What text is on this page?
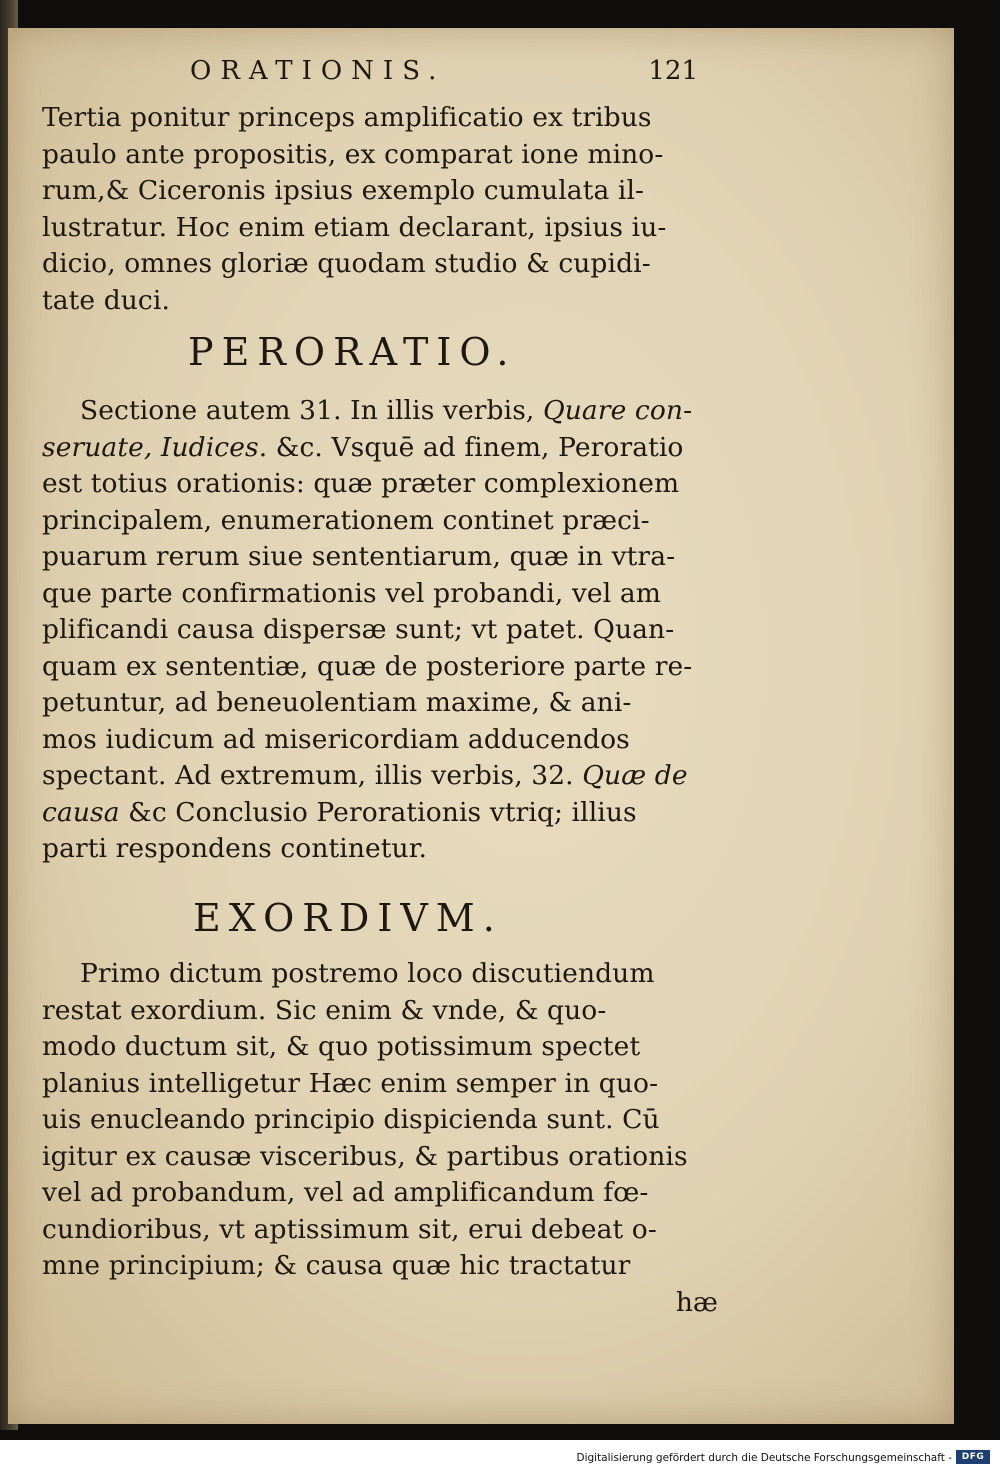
ORATIONIS.	121
Tertia ponitur princeps amplificatio ex tribus
paulo ante propositis, ex comparat ione mino-
rum,& Ciceronis ipsius exemplo cumulata il-
lustratur. Hoc enim etiam declarant, ipsius iu-
dicio, omnes gloriæ quodam studio & cupidi-
tate duci.
PERORATIO.
Sectione autem 31. In illis verbis, Quare con-
seruate, Iudices. &c. Vsquē ad finem, Peroratio
est totius orationis: quæ præter complexionem
principalem, enumerationem continet præci-
puarum rerum siue sententiarum, quæ in vtra-
que parte confirmationis vel probandi, vel am
plificandi causa dispersæ sunt; vt patet. Quan-
quam ex sententiæ, quæ de posteriore parte re-
petuntur, ad beneuolentiam maxime, & ani-
mos iudicum ad misericordiam adducendos
spectant. Ad extremum, illis verbis, 32. Quæ de
causa &c Conclusio Perorationis vtriq; illius
parti respondens continetur.
EXORDIVM.
Primo dictum postremo loco discutiendum
restat exordium. Sic enim & vnde, & quo-
modo ductum sit, & quo potissimum spectet
planius intelligetur Hæc enim semper in quo-
uis enucleando principio dispicienda sunt. Cū
igitur ex causæ visceribus, & partibus orationis
vel ad probandum, vel ad amplificandum fœ-
cundioribus, vt aptissimum sit, erui debeat o-
mne principium; & causa quæ hic tractatur
hæ
Digitalisierung gefördert durch die Deutsche Forschungsgemeinschaft -	DFG
